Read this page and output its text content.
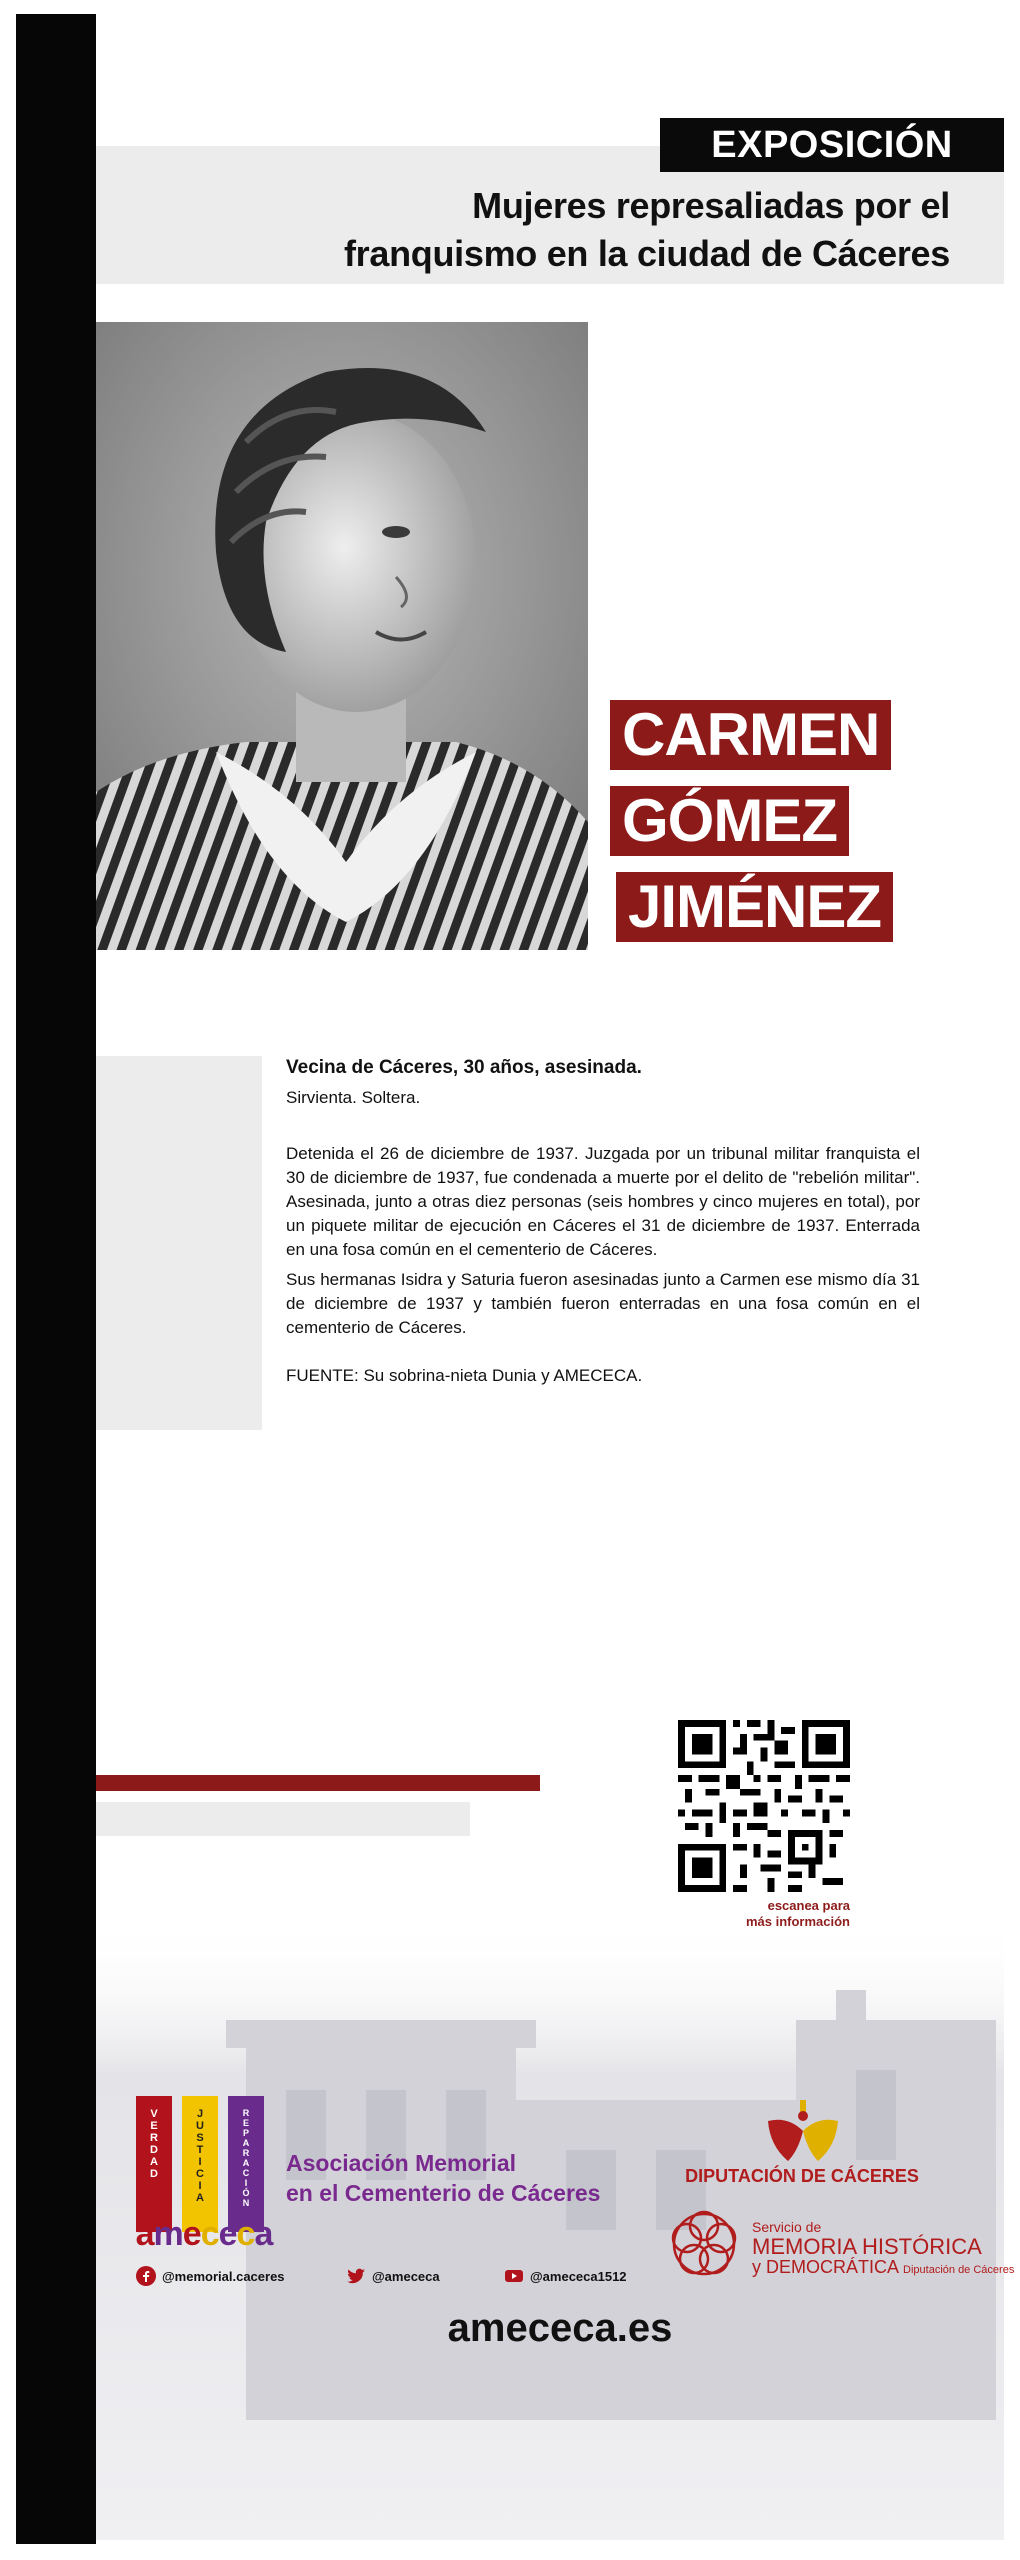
EXPOSICIÓN
Mujeres represaliadas por el
franquismo en la ciudad de Cáceres
CARMEN
GÓMEZ
JIMÉNEZ

Vecina de Cáceres, 30 años, asesinada.

Sirvienta. Soltera.

Detenida el 26 de diciembre de 1937. Juzgada por un tribunal militar franquista el 30 de diciembre de 1937, fue condenada a muerte por el delito de "rebelión militar". Asesinada, junto a otras diez personas (seis hombres y cinco mujeres en total), por un piquete militar de ejecución en Cáceres el 31 de diciembre de 1937. Enterrada en una fosa común en el cementerio de Cáceres.

Sus hermanas Isidra y Saturia fueron asesinadas junto a Carmen ese mismo día 31 de diciembre de 1937 y también fueron enterradas en una fosa común en el cementerio de Cáceres.

FUENTE: Su sobrina-nieta Dunia y AMECECA.

escanea para
V
E
R
D
A
D
J
U
S
T
I
C
I
A
R
E
P
A
R
A
C
I
Ó
N
amececa
Asociación Memorial
en el Cementerio de Cáceres
@memorial.caceres	@amececa	@amececa1512
amececa.es
DIPUTACIÓN DE CÁCERES
Servicio de
MEMORIA HISTÓRICA
y DEMOCRÁTICA Diputación de Cáceres
